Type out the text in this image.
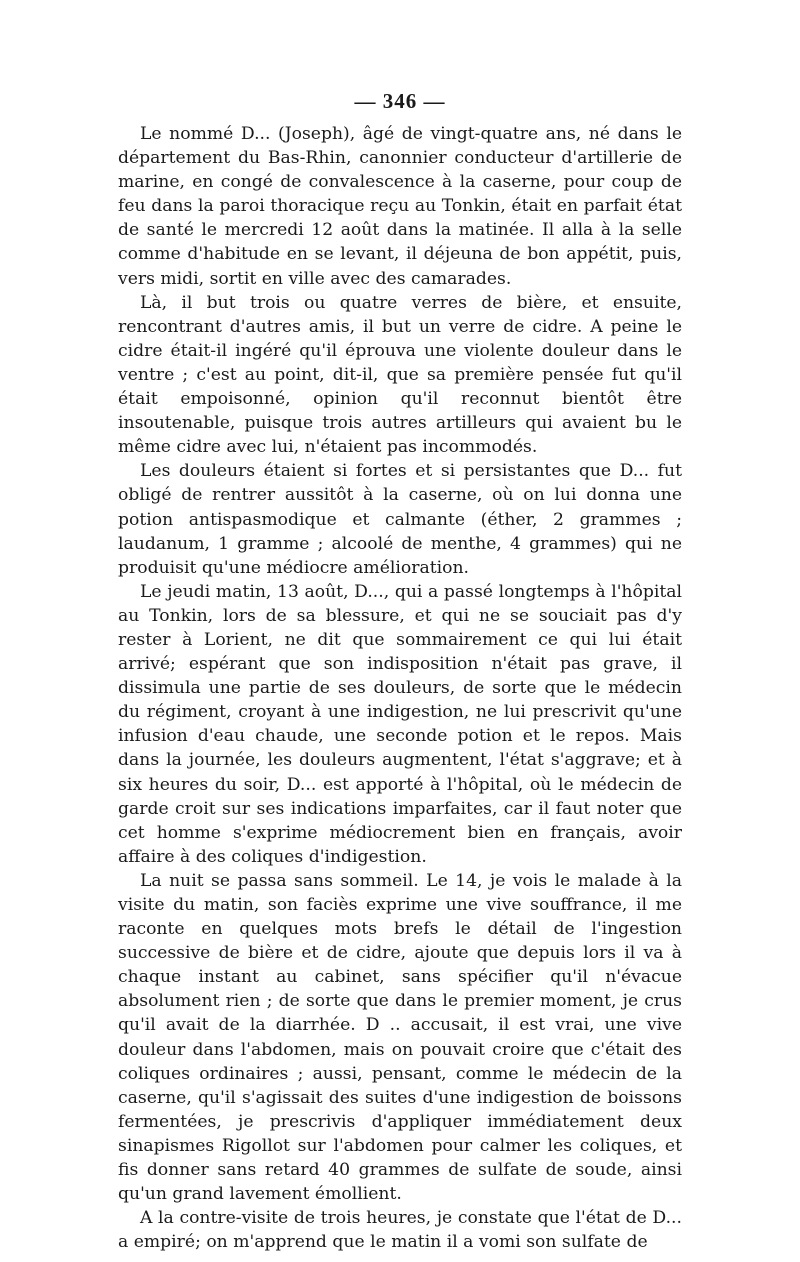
— 346 —

Le nommé D... (Joseph), âgé de vingt-quatre ans, né dans le département du Bas-Rhin, canonnier conducteur d'artillerie de marine, en congé de convalescence à la caserne, pour coup de feu dans la paroi thoracique reçu au Tonkin, était en parfait état de santé le mercredi 12 août dans la matinée. Il alla à la selle comme d'habitude en se levant, il déjeuna de bon appétit, puis, vers midi, sortit en ville avec des camarades.

Là, il but trois ou quatre verres de bière, et ensuite, rencontrant d'autres amis, il but un verre de cidre. A peine le cidre était-il ingéré qu'il éprouva une violente douleur dans le ventre ; c'est au point, dit-il, que sa première pensée fut qu'il était empoisonné, opinion qu'il reconnut bientôt être insoutenable, puisque trois autres artilleurs qui avaient bu le même cidre avec lui, n'étaient pas incommodés.

Les douleurs étaient si fortes et si persistantes que D... fut obligé de rentrer aussitôt à la caserne, où on lui donna une potion antispasmodique et calmante (éther, 2 grammes ; laudanum, 1 gramme ; alcoolé de menthe, 4 grammes) qui ne produisit qu'une médiocre amélioration.

Le jeudi matin, 13 août, D..., qui a passé longtemps à l'hôpital au Tonkin, lors de sa blessure, et qui ne se souciait pas d'y rester à Lorient, ne dit que sommairement ce qui lui était arrivé; espérant que son indisposition n'était pas grave, il dissimula une partie de ses douleurs, de sorte que le médecin du régiment, croyant à une indigestion, ne lui prescrivit qu'une infusion d'eau chaude, une seconde potion et le repos. Mais dans la journée, les douleurs augmentent, l'état s'aggrave; et à six heures du soir, D... est apporté à l'hôpital, où le médecin de garde croit sur ses indications imparfaites, car il faut noter que cet homme s'exprime médiocrement bien en français, avoir affaire à des coliques d'indigestion.

La nuit se passa sans sommeil. Le 14, je vois le malade à la visite du matin, son faciès exprime une vive souffrance, il me raconte en quelques mots brefs le détail de l'ingestion successive de bière et de cidre, ajoute que depuis lors il va à chaque instant au cabinet, sans spécifier qu'il n'évacue absolument rien ; de sorte que dans le premier moment, je crus qu'il avait de la diarrhée. D .. accusait, il est vrai, une vive douleur dans l'abdomen, mais on pouvait croire que c'était des coliques ordinaires ; aussi, pensant, comme le médecin de la caserne, qu'il s'agissait des suites d'une indigestion de boissons fermentées, je prescrivis d'appliquer immédiatement deux sinapismes Rigollot sur l'abdomen pour calmer les coliques, et fis donner sans retard 40 grammes de sulfate de soude, ainsi qu'un grand lavement émollient.

A la contre-visite de trois heures, je constate que l'état de D... a empiré; on m'apprend que le matin il a vomi son sulfate de
